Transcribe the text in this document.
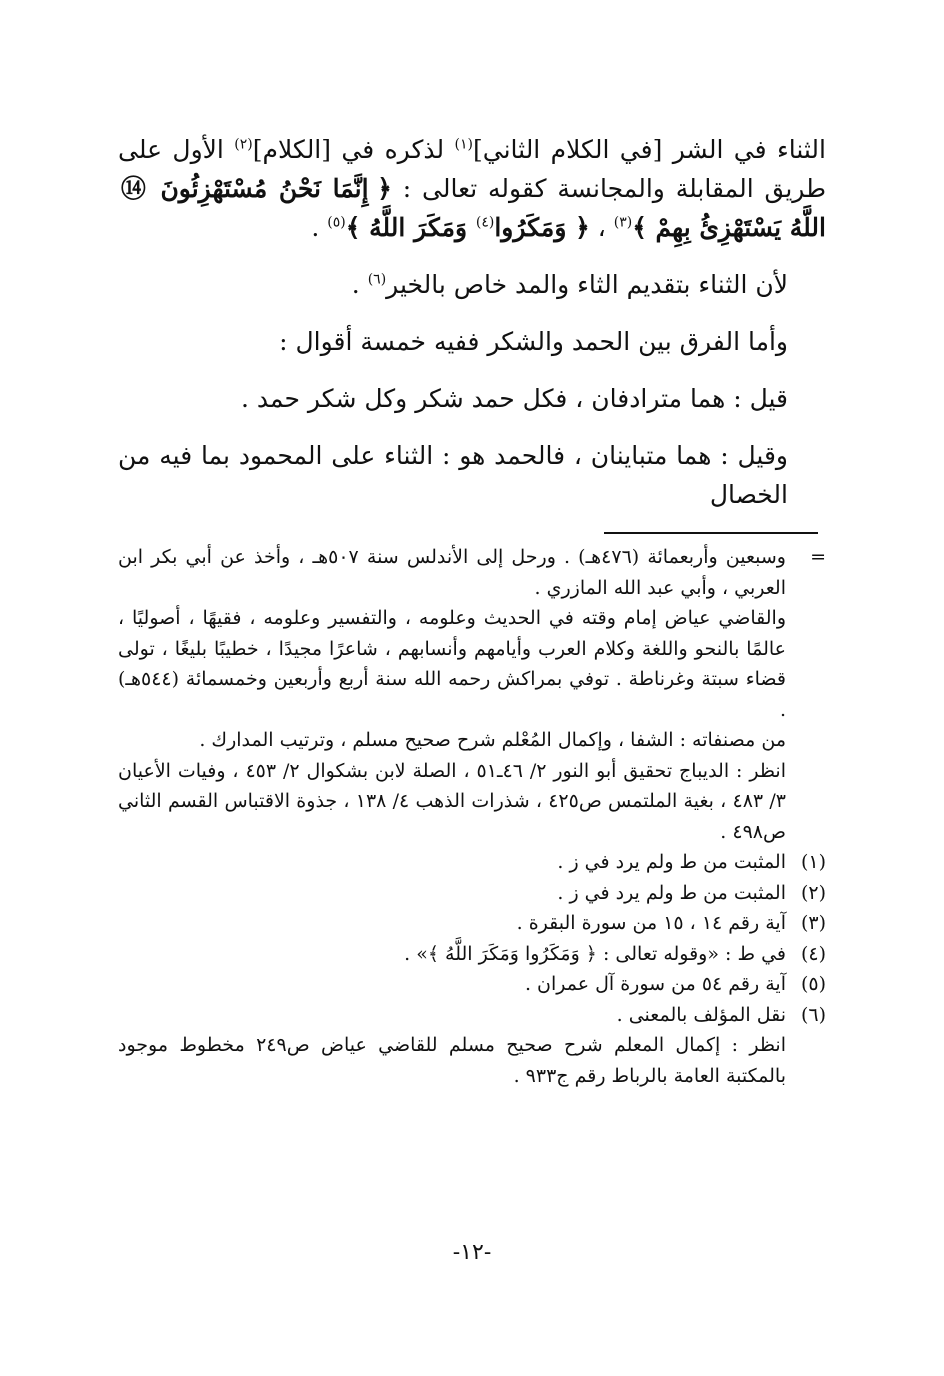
الثناء في الشر [في الكلام الثاني]$^{(١)}$ لذكره في [الكلام]$^{(٢)}$ الأول على طريق المقابلة والمجانسة كقوله تعالى : ﴿ إِنَّمَا نَحْنُ مُسْتَهْزِئُونَ ⑭ اللَّهُ يَسْتَهْزِئُ بِهِمْ ﴾$^{(٣)}$ ، ﴿ وَمَكَرُوا$^{(٤)}$ وَمَكَرَ اللَّهُ ﴾$^{(٥)}$ .

لأن الثناء بتقديم الثاء والمد خاص بالخير$^{(٦)}$ .

وأما الفرق بين الحمد والشكر ففيه خمسة أقوال :

قيل : هما مترادفان ، فكل حمد شكر وكل شكر حمد .

وقيل : هما متباينان ، فالحمد هو : الثناء على المحمود بما فيه من الخصال

=

وسبعين وأربعمائة (٤٧٦هـ) . ورحل إلى الأندلس سنة ٥٠٧هـ ، وأخذ عن أبي بكر ابن العربي ، وأبي عبد الله المازري .

والقاضي عياض إمام وقته في الحديث وعلومه ، والتفسير وعلومه ، فقيهًا ، أصوليًا ، عالمًا بالنحو واللغة وكلام العرب وأيامهم وأنسابهم ، شاعرًا مجيدًا ، خطيبًا بليغًا ، تولى قضاء سبتة وغرناطة . توفي بمراكش رحمه الله سنة أربع وأربعين وخمسمائة (٥٤٤هـ) .

من مصنفاته : الشفا ، وإكمال المُعْلم شرح صحيح مسلم ، وترتيب المدارك .

انظر : الديباج تحقيق أبو النور ٢/ ٤٦ـ٥١ ، الصلة لابن بشكوال ٢/ ٤٥٣ ، وفيات الأعيان ٣/ ٤٨٣ ، بغية الملتمس ص٤٢٥ ، شذرات الذهب ٤/ ١٣٨ ، جذوة الاقتباس القسم الثاني ص٤٩٨ .

(١)
المثبت من ط ولم يرد في ز .
(٢)
المثبت من ط ولم يرد في ز .
(٣)
آية رقم ١٤ ، ١٥ من سورة البقرة .
(٤)
في ط : «وقوله تعالى : ﴿ وَمَكَرُوا وَمَكَرَ اللَّهُ ﴾» .
(٥)
آية رقم ٥٤ من سورة آل عمران .
(٦)
نقل المؤلف بالمعنى .

انظر : إكمال المعلم شرح صحيح مسلم للقاضي عياض ص٢٤٩ مخطوط موجود بالمكتبة العامة بالرباط رقم ج٩٣٣ .

-١٢-
